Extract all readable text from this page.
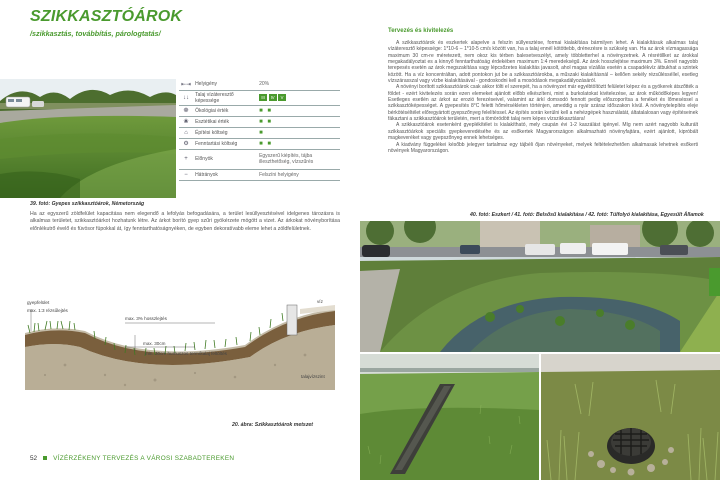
SZIKKASZTÓÁROK
/szikkasztás, továbbítás, párologtatás/
39. fotó: Gyepes szikkasztóárok, Németország
⇤⇥	Helyigény	20%
↓↓	Talaj vízáteresztő képessége	III IV V
❁	Ökológiai érték	■ ■
❀	Esztétikai érték	■ ■
⌂	Építési költség	■
⚙	Fenntartási költség	■ ■
+	Előnyök	Egyszerű kiépítés, tájba illeszthetőség, vízszűrés
−	Hátrányok	Felszíni helyigény
Ha az egyszerű zöldfelület kapacitása nem elegendő a lefolyás befogadására, a terület lesüllyesztésével idelgenes tározásra is alkalmas területet, szikkasztóárkot hozhatunk létre. Az árkot borító gyep szűri gyökérzete mögött a vizet. Az árkokat növényborítása előnlékutrő évelő és füvösor füpokkal át, így fenntarthatóságnyéken, de egyben dekoratívabb eleme lehet a zöldfelületnek.
gyepfelület
max. 1:3 rézsűlejtés
max. 3% hosszlejtés
max. 30cm
min. 30cm humuszos termőtalaj feltöltés
víz
talajvízszint
20. ábra: Szikkasztóárok metszet
52	VÍZÉRZÉKENY TERVEZÉS A VÁROSI SZABADTEREKEN
Tervezés és kivitelezés

A szikkasztóárok és eszkertek alapelve a felszín süllyesztése, formai kialakítása bármilyen lehet. A kialakításuk alkalmas talaj vízáteresztő képessége: 1*10-6 – 1*10-5 cm/s között van, ha a talaj ennél kötöttebb, drénezésre is szükség van. Ha az árok vízmagassága maximum 30 cm-re méretezett, nem okoz kis térben balesetveszélyt, amely többletterhel a növényzetnek. A résrétillket az árokkal megakadályoztat es a kinnyő fenntarthatóság érdekében maximum 1:4 meredekségű. Az árok hosszlejtése maximum 3%. Ennél nagyobb terepesés esetén az árok megszakítása vagy lépcsőzetes kialakítás javasolt, ahol magas vízállás esetén a csapadékvíz átbukhat a szintek között. Ha a víz koncentráltan, adott pontokon jut be a szikkasztóárokba, a műszaki kialakításnál – kellően sekély rézsűlésséllel, esetleg vízszárasszal vagy vízbe kialakításával - gondoskodni kell a mosódások megakadályozásáról.

A növényi borított szikkasztóárok csak akkor tölti el szerepét, ha a növényzet már egyébtöltöztt felületet képez és a gyökerek átszőtték a földet - ezért kivitelezés során ezen elemeket ajánlott előbb elkészíteni, mint a burkolatokat kivitelezése, az árok működőképes legyen! Esetleges esetlén az árkot az erozió ferezéseivel, valamint az árkí domsodó fennott pedig előszoporítsa a fenéket és lőmeséssel a szikkasztóképességet. A gyepesítés 8°C feletti hőmérsékleten történjen, ameddig a nyár száraz időszakon kívül. A növénytelepítés eleje bérkötéséltélet előregyártott gyepszőnyeg felelítéssel. Az építés során kerülni kell a nehézgépek használatát, áltatalalosan vagy építéseinek fákaztani a szikkasztóárok területén, mert a tömörödött talaj nem képes vízszikkasztásra!

A szikkasztóárok esetenként gyeplékítélet is kialakítható, mely csupán évi 1-2 kaszálást igényel. Míg nem azért nagyobb kulturált szikkasztóárkok speciális gyepkeveredéséhe és az esőkertek Magyarországon alkalmazható növényfajtára, ezért ajánlott, kipróbált magkeveréket vagy gyepszőnyeg ennek lehetséges.

A kiadvány függelékei később jelegyer tartalmaz egy tájbéli őjan növényeket, melyek feltételezhetően alkalmasak lehetnek esőkerti növények Magyarországon.

40. fotó: Eszkert / 41. fotó: Belsősű kialakítása / 42. fotó: Túlfolyó kialakítása, Egyesült Államok
